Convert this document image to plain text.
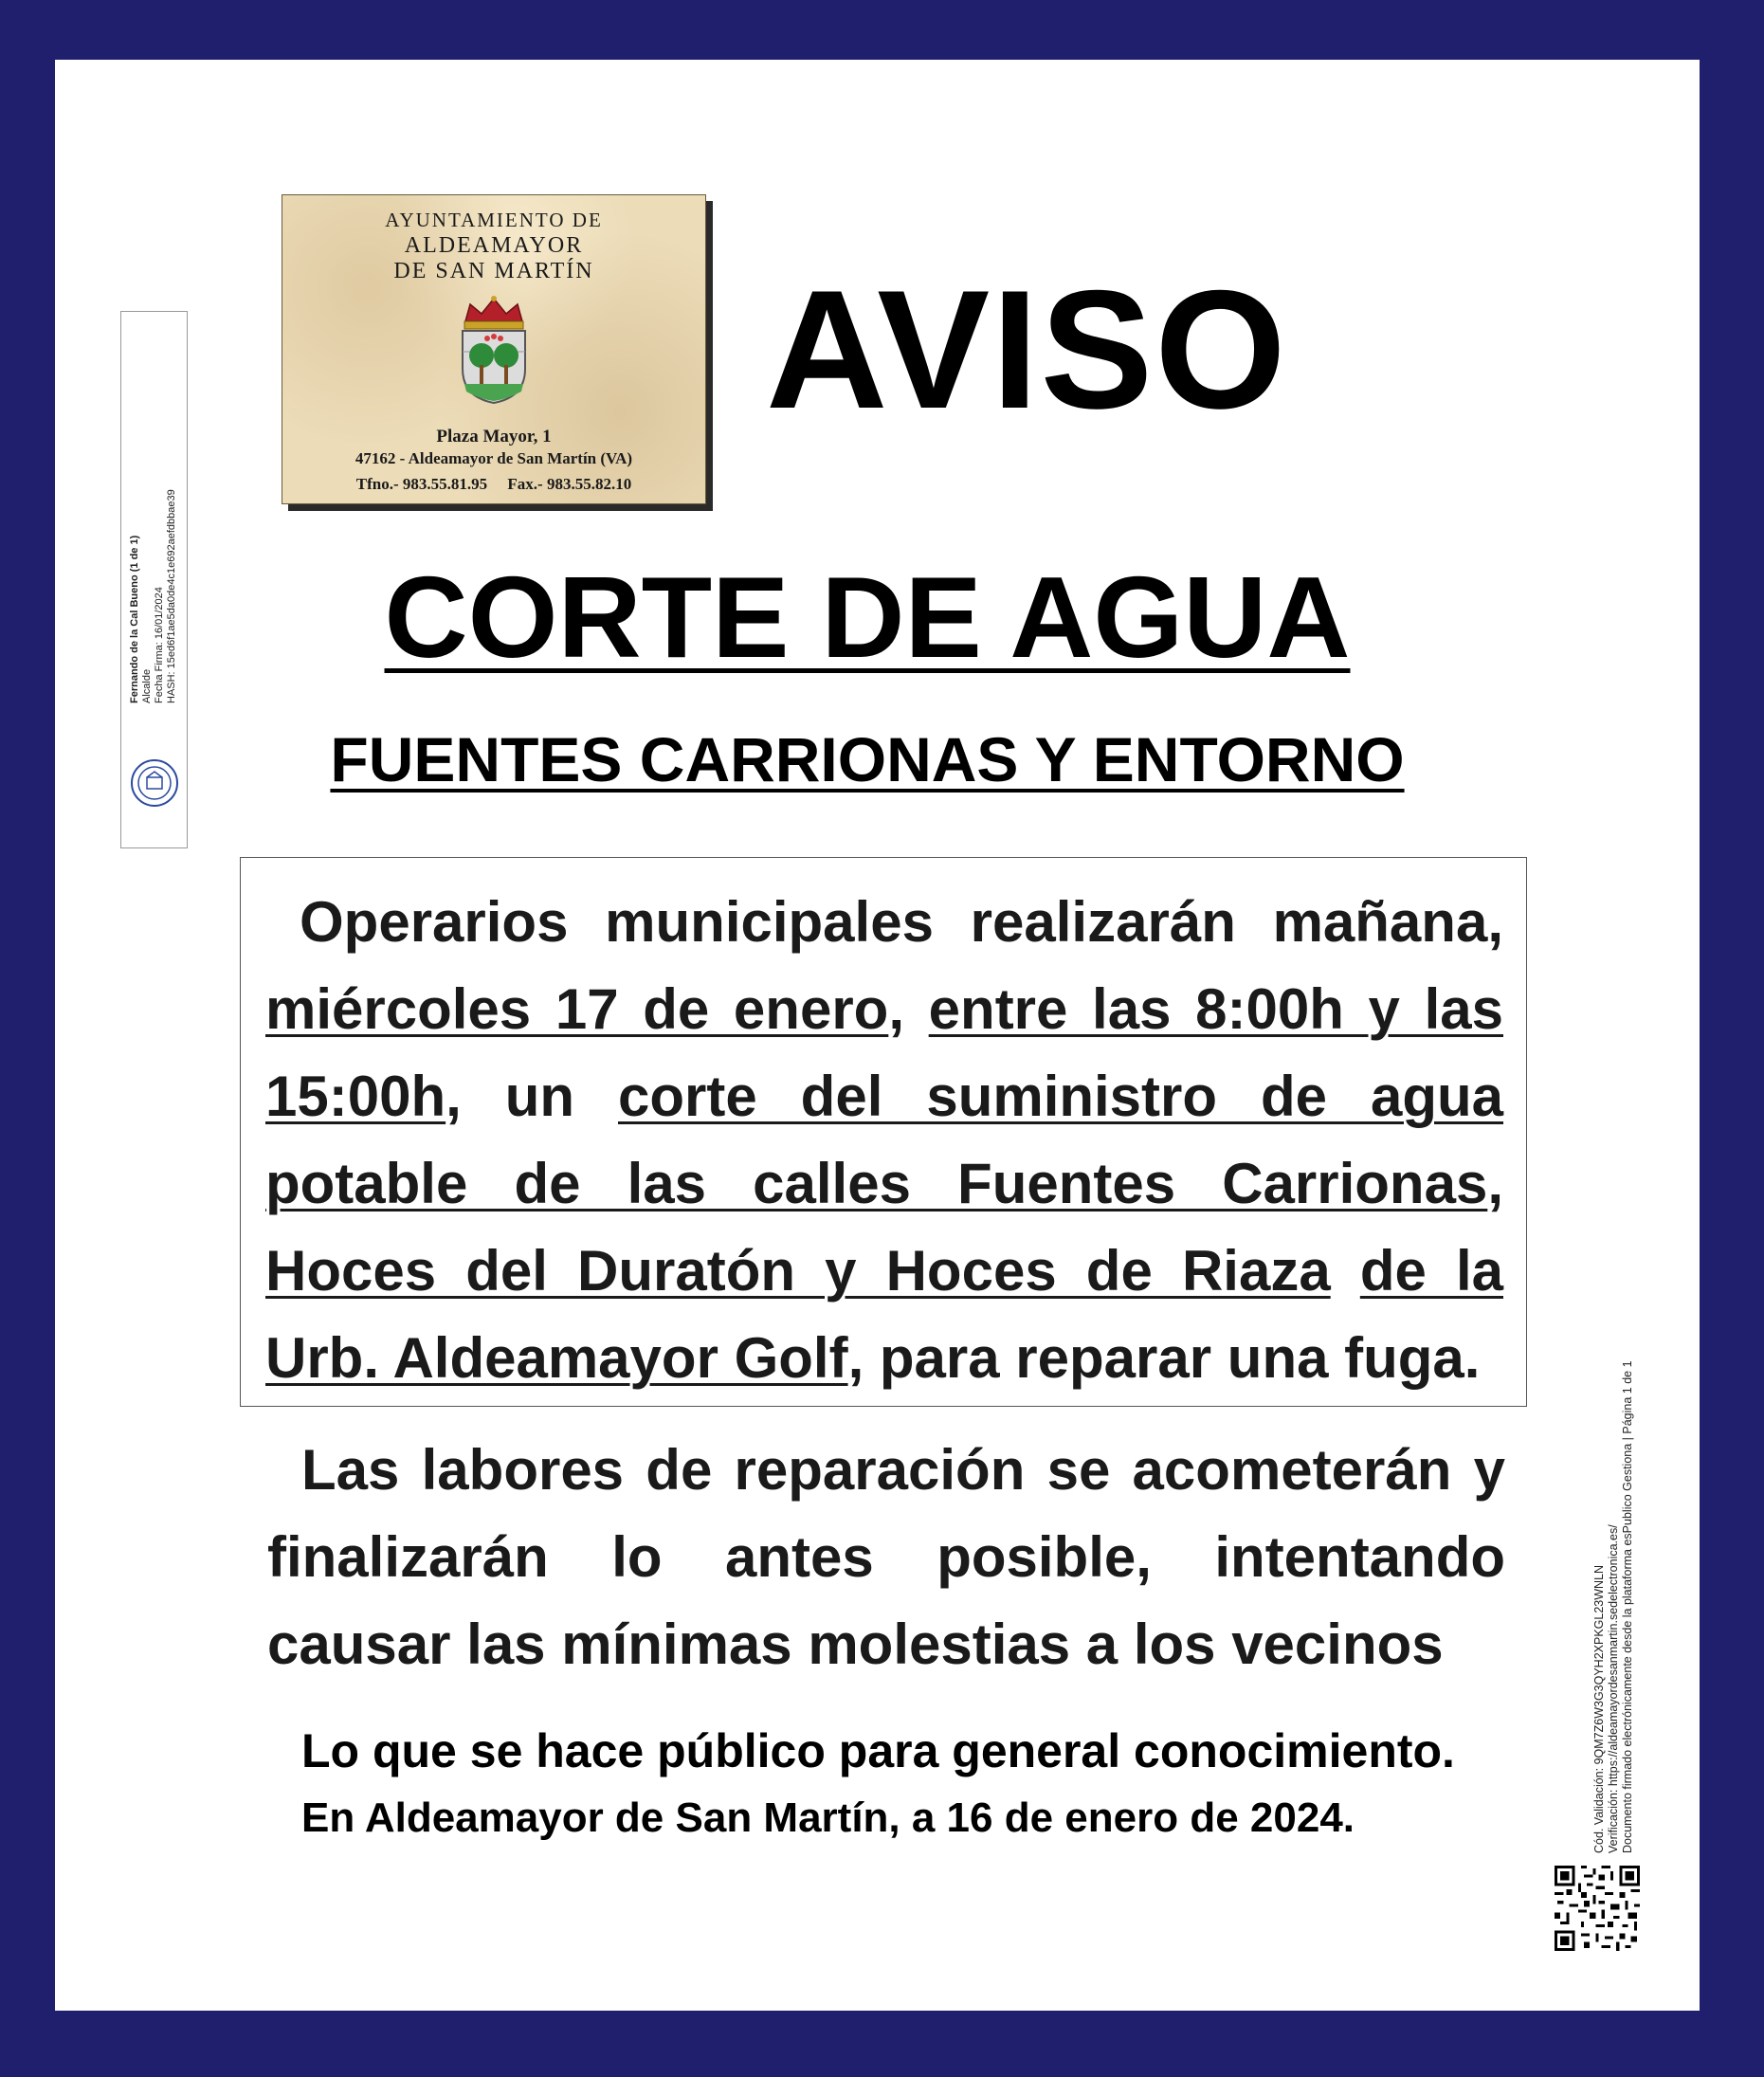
AYUNTAMIENTO DE
ALDEAMAYOR
DE SAN MARTÍN
Plaza Mayor, 1
47162 - Aldeamayor de San Martín (VA)
Tfno.- 983.55.81.95     Fax.- 983.55.82.10
AVISO
CORTE DE AGUA
FUENTES CARRIONAS Y ENTORNO

Operarios municipales realizarán mañana, miércoles 17 de enero, entre las 8:00h y las 15:00h, un corte del suministro de agua potable de las calles Fuentes Carrionas, Hoces del Duratón y Hoces de Riaza de la Urb. Aldeamayor Golf, para reparar una fuga.

Las labores de reparación se acometerán y finalizarán lo antes posible, intentando causar las mínimas molestias a los vecinos

Lo que se hace público para general conocimiento.
En Aldeamayor de San Martín, a 16 de enero de 2024.
Fernando de la Cal Bueno (1 de 1) Alcalde Fecha Firma: 16/01/2024 HASH: 15ed6f1ae5da0de4c1e692aefdbbae39
Cód. Validación: 9QM7Z6W3G3QYH2XPKGL23WNLN Verificación: https://aldeamayordesanmartin.sedelectronica.es/ Documento firmado electrónicamente desde la plataforma esPublico Gestiona | Página 1 de 1
